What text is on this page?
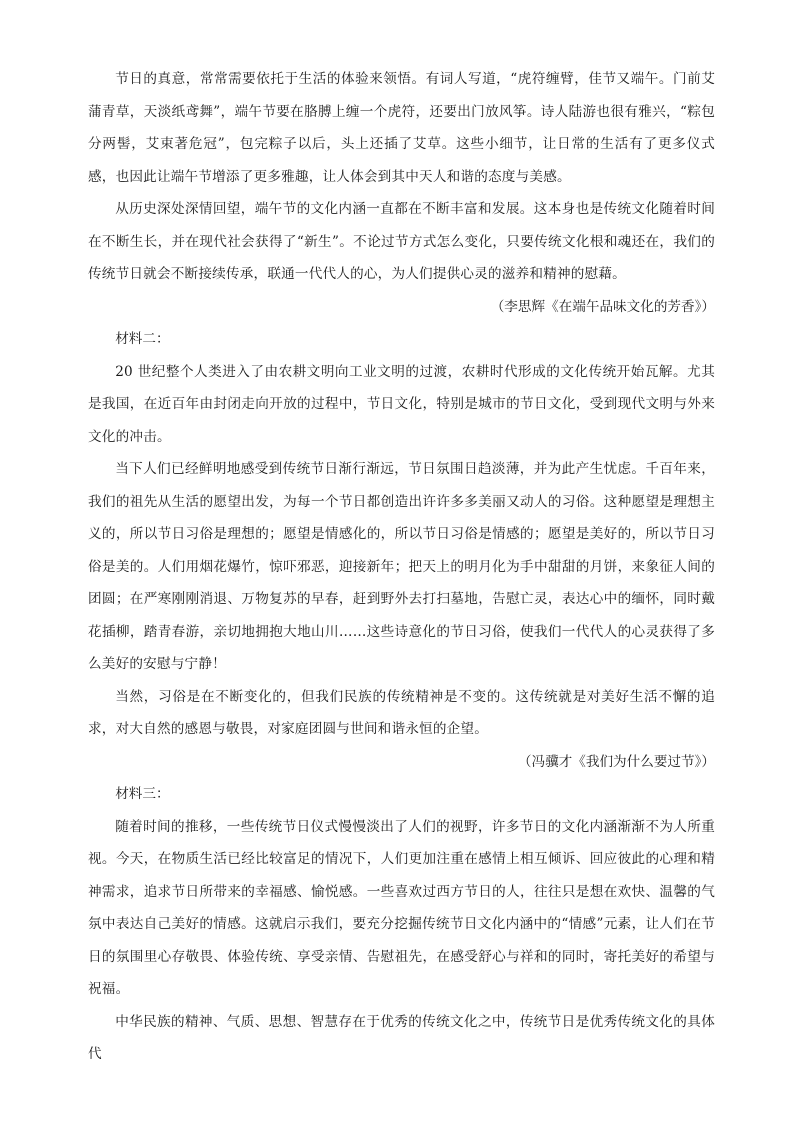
节日的真意，常常需要依托于生活的体验来领悟。有词人写道，“虎符缠臂，佳节又端午。门前艾蒲青草，天淡纸鸢舞”，端午节要在胳膊上缠一个虎符，还要出门放风筝。诗人陆游也很有雅兴，“粽包分两髻，艾束著危冠”，包完粽子以后，头上还插了艾草。这些小细节，让日常的生活有了更多仪式感，也因此让端午节增添了更多雅趣，让人体会到其中天人和谐的态度与美感。

从历史深处深情回望，端午节的文化内涵一直都在不断丰富和发展。这本身也是传统文化随着时间在不断生长，并在现代社会获得了“新生”。不论过节方式怎么变化，只要传统文化根和魂还在，我们的传统节日就会不断接续传承，联通一代代人的心，为人们提供心灵的滋养和精神的慰藉。

（李思辉《在端午品味文化的芳香》）

材料二：

20 世纪整个人类进入了由农耕文明向工业文明的过渡，农耕时代形成的文化传统开始瓦解。尤其是我国，在近百年由封闭走向开放的过程中，节日文化，特别是城市的节日文化，受到现代文明与外来文化的冲击。

当下人们已经鲜明地感受到传统节日渐行渐远，节日氛围日趋淡薄，并为此产生忧虑。千百年来，我们的祖先从生活的愿望出发，为每一个节日都创造出许许多多美丽又动人的习俗。这种愿望是理想主义的，所以节日习俗是理想的；愿望是情感化的，所以节日习俗是情感的；愿望是美好的，所以节日习俗是美的。人们用烟花爆竹，惊吓邪恶，迎接新年；把天上的明月化为手中甜甜的月饼，来象征人间的团圆；在严寒刚刚消退、万物复苏的早春，赶到野外去打扫墓地，告慰亡灵，表达心中的缅怀，同时戴花插柳，踏青春游，亲切地拥抱大地山川……这些诗意化的节日习俗，使我们一代代人的心灵获得了多么美好的安慰与宁静！

当然，习俗是在不断变化的，但我们民族的传统精神是不变的。这传统就是对美好生活不懈的追求，对大自然的感恩与敬畏，对家庭团圆与世间和谐永恒的企望。

（冯骥才《我们为什么要过节》）

材料三：

随着时间的推移，一些传统节日仪式慢慢淡出了人们的视野，许多节日的文化内涵渐渐不为人所重视。今天，在物质生活已经比较富足的情况下，人们更加注重在感情上相互倾诉、回应彼此的心理和精神需求，追求节日所带来的幸福感、愉悦感。一些喜欢过西方节日的人，往往只是想在欢快、温馨的气氛中表达自己美好的情感。这就启示我们，要充分挖掘传统节日文化内涵中的“情感”元素，让人们在节日的氛围里心存敬畏、体验传统、享受亲情、告慰祖先，在感受舒心与祥和的同时，寄托美好的希望与祝福。

中华民族的精神、气质、思想、智慧存在于优秀的传统文化之中，传统节日是优秀传统文化的具体代
